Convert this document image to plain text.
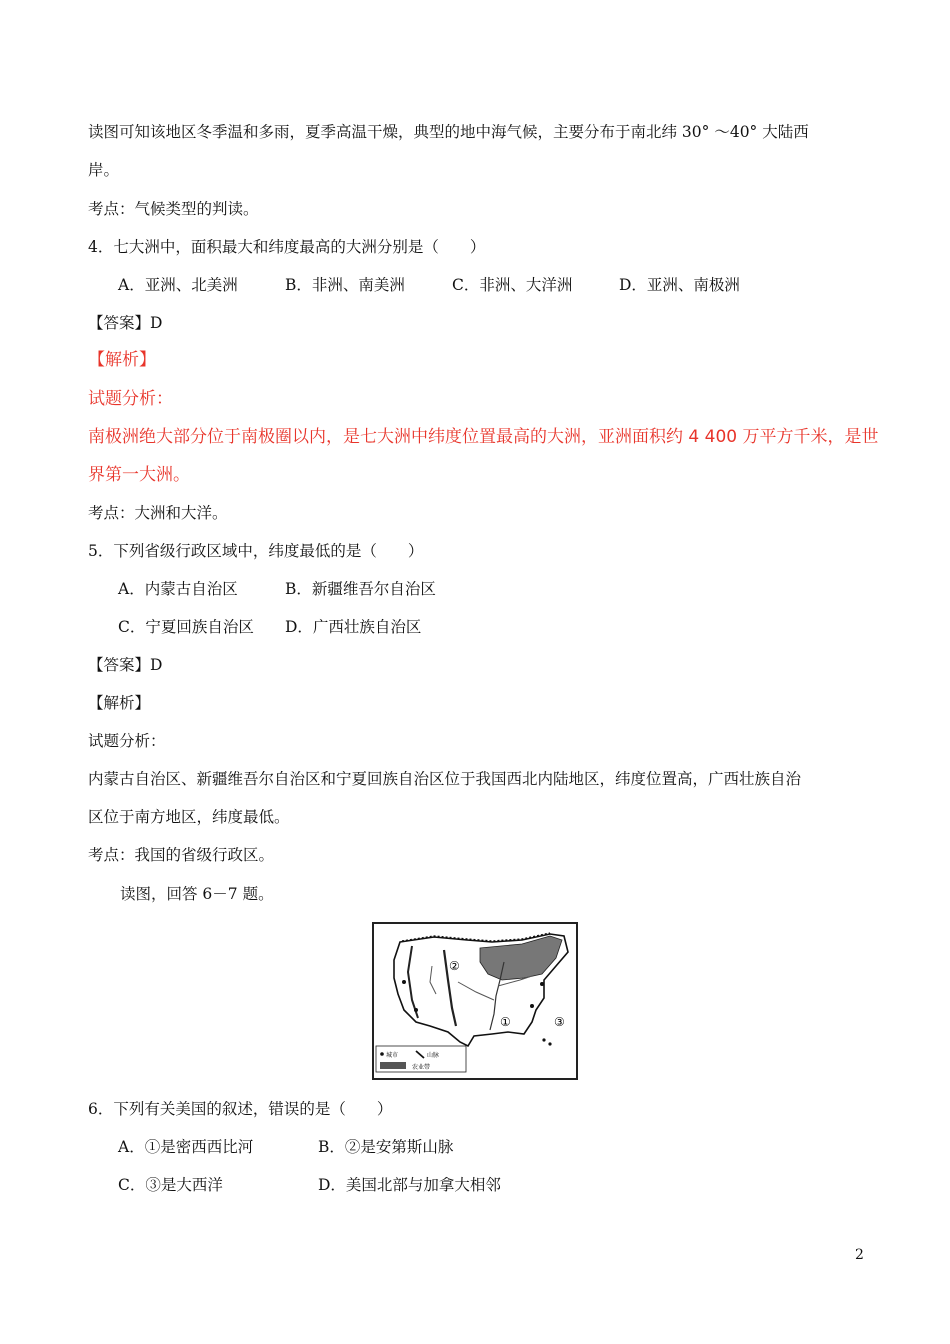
读图可知该地区冬季温和多雨，夏季高温干燥，典型的地中海气候，主要分布于南北纬 30° ～40° 大陆西
岸。
考点：气候类型的判读。
4．七大洲中，面积最大和纬度最高的大洲分别是（　　）
A．亚洲、北美洲	B．非洲、南美洲	C．非洲、大洋洲	D．亚洲、南极洲
【答案】D
【解析】
试题分析：
南极洲绝大部分位于南极圈以内，是七大洲中纬度位置最高的大洲，亚洲面积约 4 400 万平方千米，是世
界第一大洲。
考点：大洲和大洋。
5．下列省级行政区域中，纬度最低的是（　　）
A．内蒙古自治区	B．新疆维吾尔自治区
C．宁夏回族自治区 D．广西壮族自治区
【答案】D
【解析】
试题分析：
内蒙古自治区、新疆维吾尔自治区和宁夏回族自治区位于我国西北内陆地区，纬度位置高，广西壮族自治
区位于南方地区，纬度最低。
考点：我国的省级行政区。
读图，回答 6－7 题。
②
①	③
城市	山脉
农业带
6．下列有关美国的叙述，错误的是（　　）
A．①是密西西比河	B．②是安第斯山脉
C．③是大西洋	D．美国北部与加拿大相邻
2
